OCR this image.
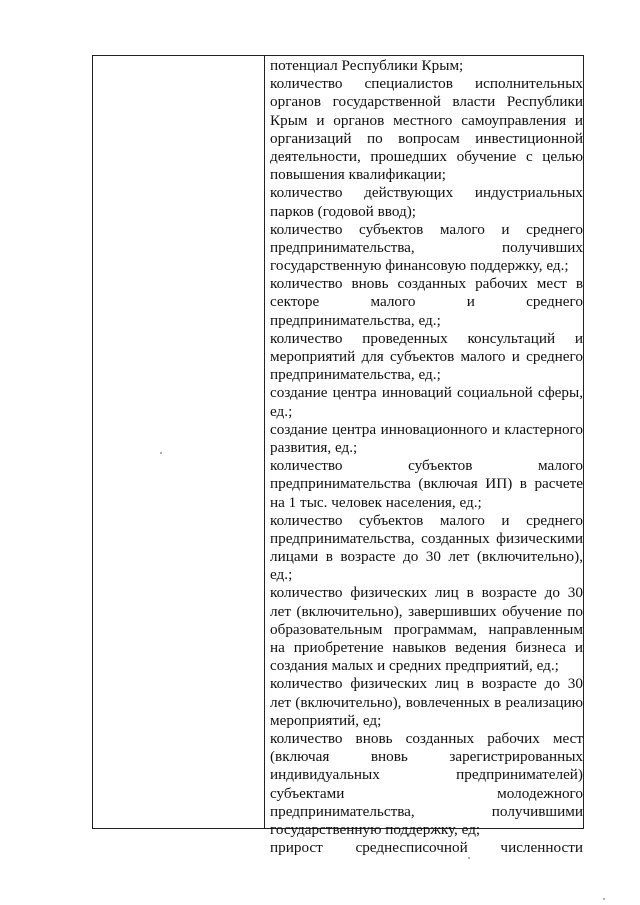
потенциал Республики Крым;
количество специалистов исполнительных
органов государственной власти Республики
Крым и органов местного самоуправления и
организаций по вопросам инвестиционной
деятельности, прошедших обучение с целью
повышения квалификации;
количество действующих индустриальных
парков (годовой ввод);
количество субъектов малого и среднего
предпринимательства, получивших
государственную финансовую поддержку, ед.;
количество вновь созданных рабочих мест в
секторе малого и среднего
предпринимательства, ед.;
количество проведенных консультаций и
мероприятий для субъектов малого и среднего
предпринимательства, ед.;
создание центра инноваций социальной сферы,
ед.;
создание центра инновационного и кластерного
развития, ед.;
количество субъектов малого
предпринимательства (включая ИП) в расчете
на 1 тыс. человек населения, ед.;
количество субъектов малого и среднего
предпринимательства, созданных физическими
лицами в возрасте до 30 лет (включительно),
ед.;
количество физических лиц в возрасте до 30
лет (включительно), завершивших обучение по
образовательным программам, направленным
на приобретение навыков ведения бизнеса и
создания малых и средних предприятий, ед.;
количество физических лиц в возрасте до 30
лет (включительно), вовлеченных в реализацию
мероприятий, ед;
количество вновь созданных рабочих мест
(включая вновь зарегистрированных
индивидуальных предпринимателей)
субъектами молодежного
предпринимательства, получившими
государственную поддержку, ед;
прирост среднесписочной численности
